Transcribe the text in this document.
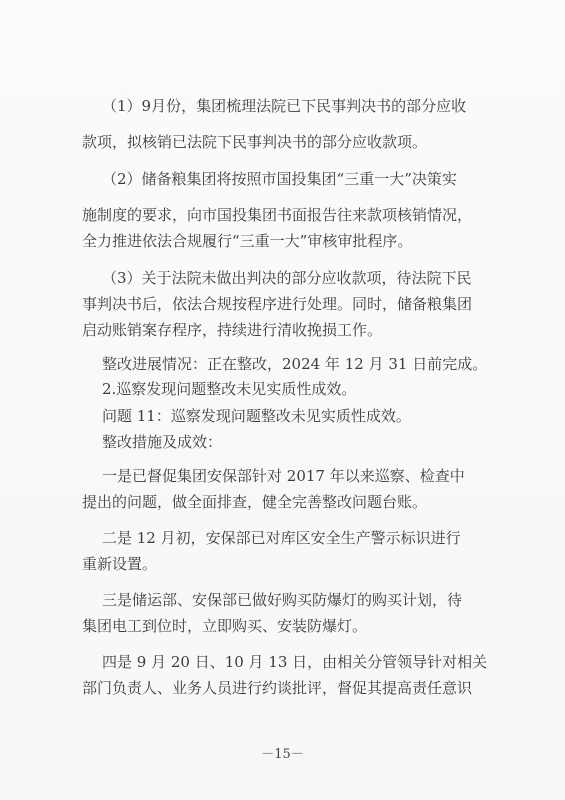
（1）9月份，集团梳理法院已下民事判决书的部分应收
款项，拟核销已法院下民事判决书的部分应收款项。
（2）储备粮集团将按照市国投集团“三重一大”决策实
施制度的要求，向市国投集团书面报告往来款项核销情况，
全力推进依法合规履行“三重一大”审核审批程序。
（3）关于法院未做出判决的部分应收款项，待法院下民
事判决书后，依法合规按程序进行处理。同时，储备粮集团
启动账销案存程序，持续进行清收挽损工作。
整改进展情况：正在整改，2024 年 12 月 31 日前完成。
2.巡察发现问题整改未见实质性成效。
问题 11：巡察发现问题整改未见实质性成效。
整改措施及成效：
一是已督促集团安保部针对 2017 年以来巡察、检查中
提出的问题，做全面排查，健全完善整改问题台账。
二是 12 月初，安保部已对库区安全生产警示标识进行
重新设置。
三是储运部、安保部已做好购买防爆灯的购买计划，待
集团电工到位时，立即购买、安装防爆灯。
四是 9 月 20 日、10 月 13 日，由相关分管领导针对相关
部门负责人、业务人员进行约谈批评，督促其提高责任意识
－15－
